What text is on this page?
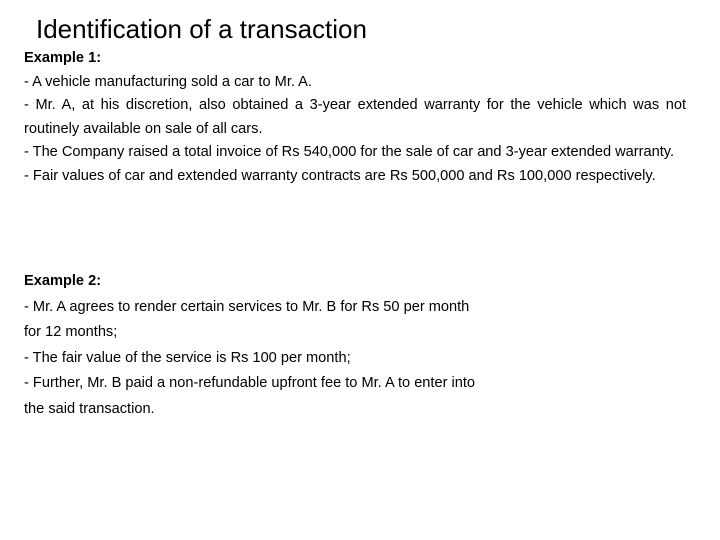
Identification of a transaction

Example 1:

- A vehicle manufacturing sold a car to Mr. A.

- Mr. A, at his discretion, also obtained a 3-year extended warranty for the vehicle which was not routinely available on sale of all cars.

- The Company raised a total invoice of Rs 540,000 for the sale of car and 3-year extended warranty.

- Fair values of car and extended warranty contracts are Rs 500,000 and Rs 100,000 respectively.

Example 2:

- Mr. A agrees to render certain services to Mr. B for Rs 50 per month

for 12 months;

- The fair value of the service is Rs 100 per month;

- Further, Mr. B paid a non-refundable upfront fee to Mr. A to enter into

the said transaction.
